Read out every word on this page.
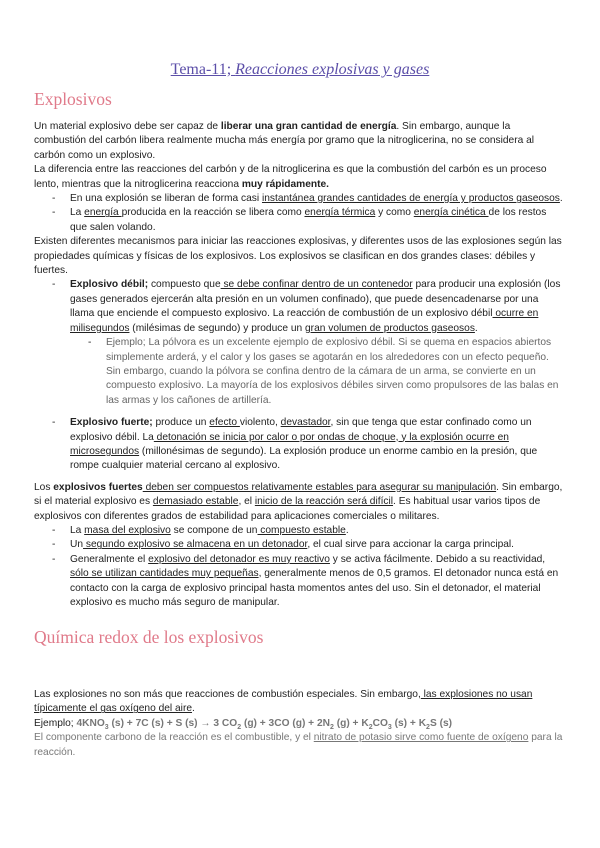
Tema-11; Reacciones explosivas y gases
Explosivos

Un material explosivo debe ser capaz de liberar una gran cantidad de energía. Sin embargo, aunque la combustión del carbón libera realmente mucha más energía por gramo que la nitroglicerina, no se considera al carbón como un explosivo.

La diferencia entre las reacciones del carbón y de la nitroglicerina es que la combustión del carbón es un proceso lento, mientras que la nitroglicerina reacciona muy rápidamente.

- En una explosión se liberan de forma casi instantánea grandes cantidades de energía y productos gaseosos.
- La energía producida en la reacción se libera como energía térmica y como energía cinética de los restos que salen volando.

Existen diferentes mecanismos para iniciar las reacciones explosivas, y diferentes usos de las explosiones según las propiedades químicas y físicas de los explosivos. Los explosivos se clasifican en dos grandes clases: débiles y fuertes.

- Explosivo débil; compuesto que se debe confinar dentro de un contenedor para producir una explosión (los gases generados ejercerán alta presión en un volumen confinado), que puede desencadenarse por una llama que enciende el compuesto explosivo. La reacción de combustión de un explosivo débil ocurre en milisegundos (milésimas de segundo) y produce un gran volumen de productos gaseosos.
- Ejemplo; La pólvora es un excelente ejemplo de explosivo débil. Si se quema en espacios abiertos simplemente arderá, y el calor y los gases se agotarán en los alrededores con un efecto pequeño. Sin embargo, cuando la pólvora se confina dentro de la cámara de un arma, se convierte en un compuesto explosivo. La mayoría de los explosivos débiles sirven como propulsores de las balas en las armas y los cañones de artillería.
- Explosivo fuerte; produce un efecto violento, devastador, sin que tenga que estar confinado como un explosivo débil. La detonación se inicia por calor o por ondas de choque, y la explosión ocurre en microsegundos (millonésimas de segundo). La explosión produce un enorme cambio en la presión, que rompe cualquier material cercano al explosivo.

Los explosivos fuertes deben ser compuestos relativamente estables para asegurar su manipulación. Sin embargo, si el material explosivo es demasiado estable, el inicio de la reacción será difícil. Es habitual usar varios tipos de explosivos con diferentes grados de estabilidad para aplicaciones comerciales o militares.

- La masa del explosivo se compone de un compuesto estable.
- Un segundo explosivo se almacena en un detonador, el cual sirve para accionar la carga principal.
- Generalmente el explosivo del detonador es muy reactivo y se activa fácilmente. Debido a su reactividad, sólo se utilizan cantidades muy pequeñas, generalmente menos de 0,5 gramos. El detonador nunca está en contacto con la carga de explosivo principal hasta momentos antes del uso. Sin el detonador, el material explosivo es mucho más seguro de manipular.
Química redox de los explosivos

Las explosiones no son más que reacciones de combustión especiales. Sin embargo, las explosiones no usan típicamente el gas oxígeno del aire.

Ejemplo; $4KNO_3$ (s) + 7C (s) + S (s) → 3 $CO_2$ (g) + 3CO $(g) + 2N_2$ $(g) + K_2CO_3$ $(s) + K_2S$ (s)

El componente carbono de la reacción es el combustible, y el nitrato de potasio sirve como fuente de oxígeno para la reacción.
